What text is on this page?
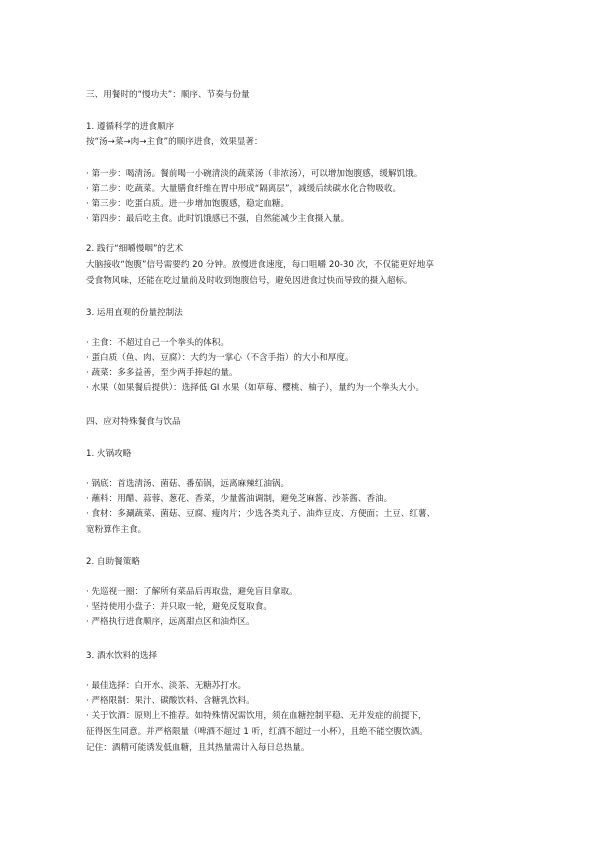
三、用餐时的“慢功夫”：顺序、节奏与份量

1. 遵循科学的进食顺序

按“汤→菜→肉→主食”的顺序进食，效果显著：

· 第一步：喝清汤。餐前喝一小碗清淡的蔬菜汤（非浓汤），可以增加饱腹感，缓解饥饿。

· 第二步：吃蔬菜。大量膳食纤维在胃中形成“隔离层”，减缓后续碳水化合物吸收。

· 第三步：吃蛋白质。进一步增加饱腹感，稳定血糖。

· 第四步：最后吃主食。此时饥饿感已不强，自然能减少主食摄入量。

2. 践行“细嚼慢咽”的艺术

大脑接收“饱腹”信号需要约 20 分钟。放慢进食速度，每口咀嚼 20-30 次，不仅能更好地享

受食物风味，还能在吃过量前及时收到饱腹信号，避免因进食过快而导致的摄入超标。

3. 运用直观的份量控制法

· 主食：不超过自己一个拳头的体积。

· 蛋白质（鱼、肉、豆腐）：大约为一掌心（不含手指）的大小和厚度。

· 蔬菜：多多益善，至少两手捧起的量。

· 水果（如果餐后提供）：选择低 GI 水果（如草莓、樱桃、柚子），量约为一个拳头大小。

四、应对特殊餐食与饮品

1. 火锅攻略

· 锅底：首选清汤、菌菇、番茄锅，远离麻辣红油锅。

· 蘸料：用醋、蒜蓉、葱花、香菜，少量酱油调制，避免芝麻酱、沙茶酱、香油。

· 食材：多涮蔬菜、菌菇、豆腐、瘦肉片；少选各类丸子、油炸豆皮、方便面；土豆、红薯、

宽粉算作主食。

2. 自助餐策略

· 先巡视一圈：了解所有菜品后再取盘，避免盲目拿取。

· 坚持使用小盘子：并只取一轮，避免反复取食。

· 严格执行进食顺序，远离甜点区和油炸区。

3. 酒水饮料的选择

· 最佳选择：白开水、淡茶、无糖苏打水。

· 严格限制：果汁、碳酸饮料、含糖乳饮料。

· 关于饮酒：原则上不推荐。如特殊情况需饮用，须在血糖控制平稳、无并发症的前提下，

征得医生同意。并严格限量（啤酒不超过 1 听，红酒不超过一小杯），且绝不能空腹饮酒。

记住：酒精可能诱发低血糖，且其热量需计入每日总热量。
